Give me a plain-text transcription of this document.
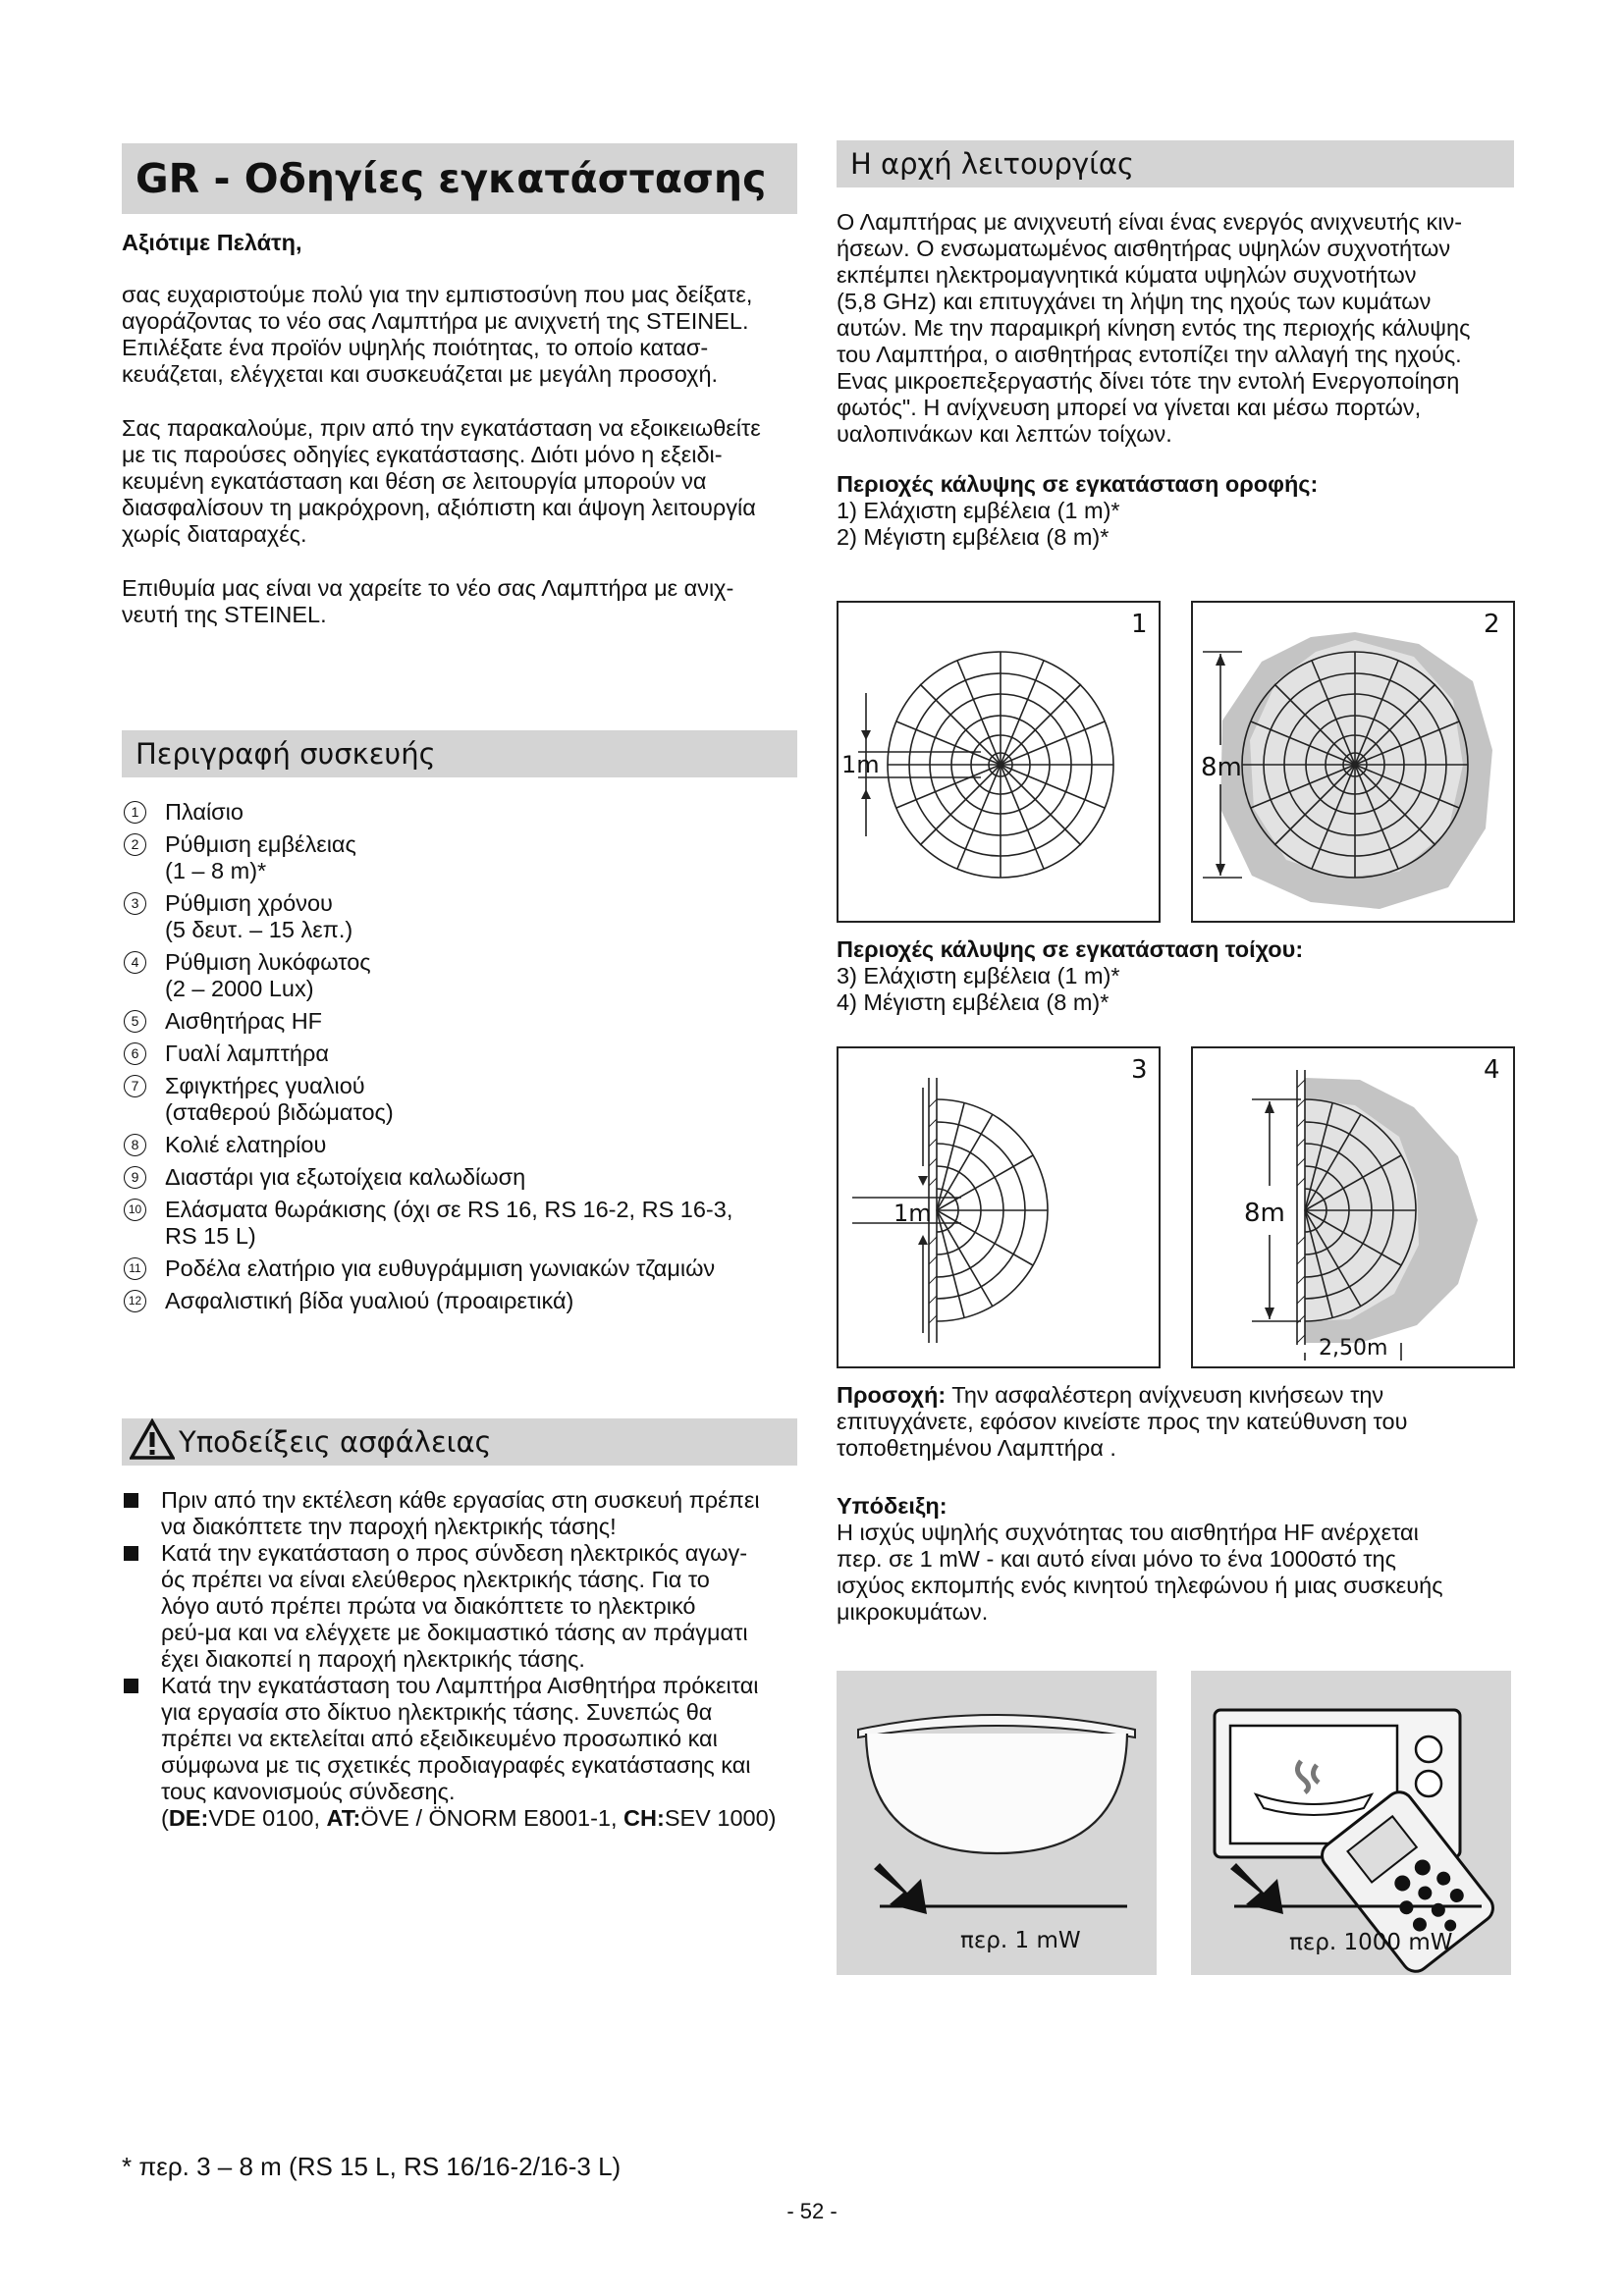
GR - Οδηγίες εγκατάστασης

Αξιότιμε Πελάτη,

σας ευχαριστούμε πολύ για την εμπιστοσύνη που μας δείξατε,

αγοράζοντας το νέο σας Λαμπτήρα με ανιχνετή της STEINEL.

Επιλέξατε ένα προϊόν υψηλής ποιότητας, το οποίο κατασ-

κευάζεται, ελέγχεται και συσκευάζεται με μεγάλη προσοχή.

Σας παρακαλούμε, πριν από την εγκατάσταση να εξοικειωθείτε

με τις παρούσες οδηγίες εγκατάστασης. Διότι μόνο η εξειδι-

κευμένη εγκατάσταση και θέση σε λειτουργία μπορούν να

διασφαλίσουν τη μακρόχρονη, αξιόπιστη και άψογη λειτουργία

χωρίς διαταραχές.

Επιθυμία μας είναι να χαρείτε το νέο σας Λαμπτήρα με ανιχ-

νευτή της STEINEL.

Περιγραφή συσκευής
1	Πλαίσιο
2	Ρύθμιση εμβέλειας
(1 – 8 m)*
3	Ρύθμιση χρόνου
(5 δευτ. – 15 λεπ.)
4	Ρύθμιση λυκόφωτος
(2 – 2000 Lux)
5	Αισθητήρας HF
6	Γυαλί λαμπτήρα
7	Σφιγκτήρες γυαλιού
(σταθερού βιδώματος)
8	Κολιέ ελατηρίου
9	Διαστάρι για εξωτοίχεια καλωδίωση
10 Ελάσματα θωράκισης (όχι σε RS 16, RS 16-2, RS 16-3,
RS 15 L)
11 Ροδέλα ελατήριο για ευθυγράμμιση γωνιακών τζαμιών
12 Ασφαλιστική βίδα γυαλιού (προαιρετικά)
Υποδείξεις ασφάλειας
Πριν από την εκτέλεση κάθε εργασίας στη συσκευή πρέπει
να διακόπτετε την παροχή ηλεκτρικής τάσης!
Κατά την εγκατάσταση ο προς σύνδεση ηλεκτρικός αγωγ-
ός πρέπει να είναι ελεύθερος ηλεκτρικής τάσης. Για το
λόγο αυτό πρέπει πρώτα να διακόπτετε το ηλεκτρικό
ρεύ-μα και να ελέγχετε με δοκιμαστικό τάσης αν πράγματι
έχει διακοπεί η παροχή ηλεκτρικής τάσης.
Κατά την εγκατάσταση του Λαμπτήρα Αισθητήρα πρόκειται
για εργασία στο δίκτυο ηλεκτρικής τάσης. Συνεπώς θα
πρέπει να εκτελείται από εξειδικευμένο προσωπικό και
σύμφωνα με τις σχετικές προδιαγραφές εγκατάστασης και
τους κανονισμούς σύνδεσης.
(DE:VDE 0100, AT:ÖVE / ÖNORM E8001-1, CH:SEV 1000)
Η αρχή λειτουργίας

Ο Λαμπτήρας με ανιχνευτή είναι ένας ενεργός ανιχνευτής κιν-

ήσεων. Ο ενσωματωμένος αισθητήρας υψηλών συχνοτήτων

εκπέμπει ηλεκτρομαγνητικά κύματα υψηλών συχνοτήτων

(5,8 GHz) και επιτυγχάνει τη λήψη της ηχούς των κυμάτων

αυτών. Με την παραμικρή κίνηση εντός της περιοχής κάλυψης

του Λαμπτήρα, ο αισθητήρας εντοπίζει την αλλαγή της ηχούς.

Ενας μικροεπεξεργαστής δίνει τότε την εντολή Ενεργοποίηση

φωτός". Η ανίχνευση μπορεί να γίνεται και μέσω πορτών,

υαλοπινάκων και λεπτών τοίχων.

Περιοχές κάλυψης σε εγκατάσταση οροφής:

1) Ελάχιστη εμβέλεια (1 m)*

2) Μέγιστη εμβέλεια (8 m)*

1
1m
2
8m

Περιοχές κάλυψης σε εγκατάσταση τοίχου:

3) Ελάχιστη εμβέλεια (1 m)*

4) Μέγιστη εμβέλεια (8 m)*

3
1m
4
8m
2,50m

Προσοχή: Την ασφαλέστερη ανίχνευση κινήσεων την

επιτυγχάνετε, εφόσον κινείστε προς την κατεύθυνση του

τοποθετημένου Λαμπτήρα .

Υπόδειξη:

Η ισχύς υψηλής συχνότητας του αισθητήρα HF ανέρχεται

περ. σε 1 mW - και αυτό είναι μόνο το ένα 1000στό της

ισχύος εκπομπής ενός κινητού τηλεφώνου ή μιας συσκευής

μικροκυμάτων.

περ. 1 mW	περ. 1000 mW
* περ. 3 – 8 m (RS 15 L, RS 16/16-2/16-3 L)
- 52 -
